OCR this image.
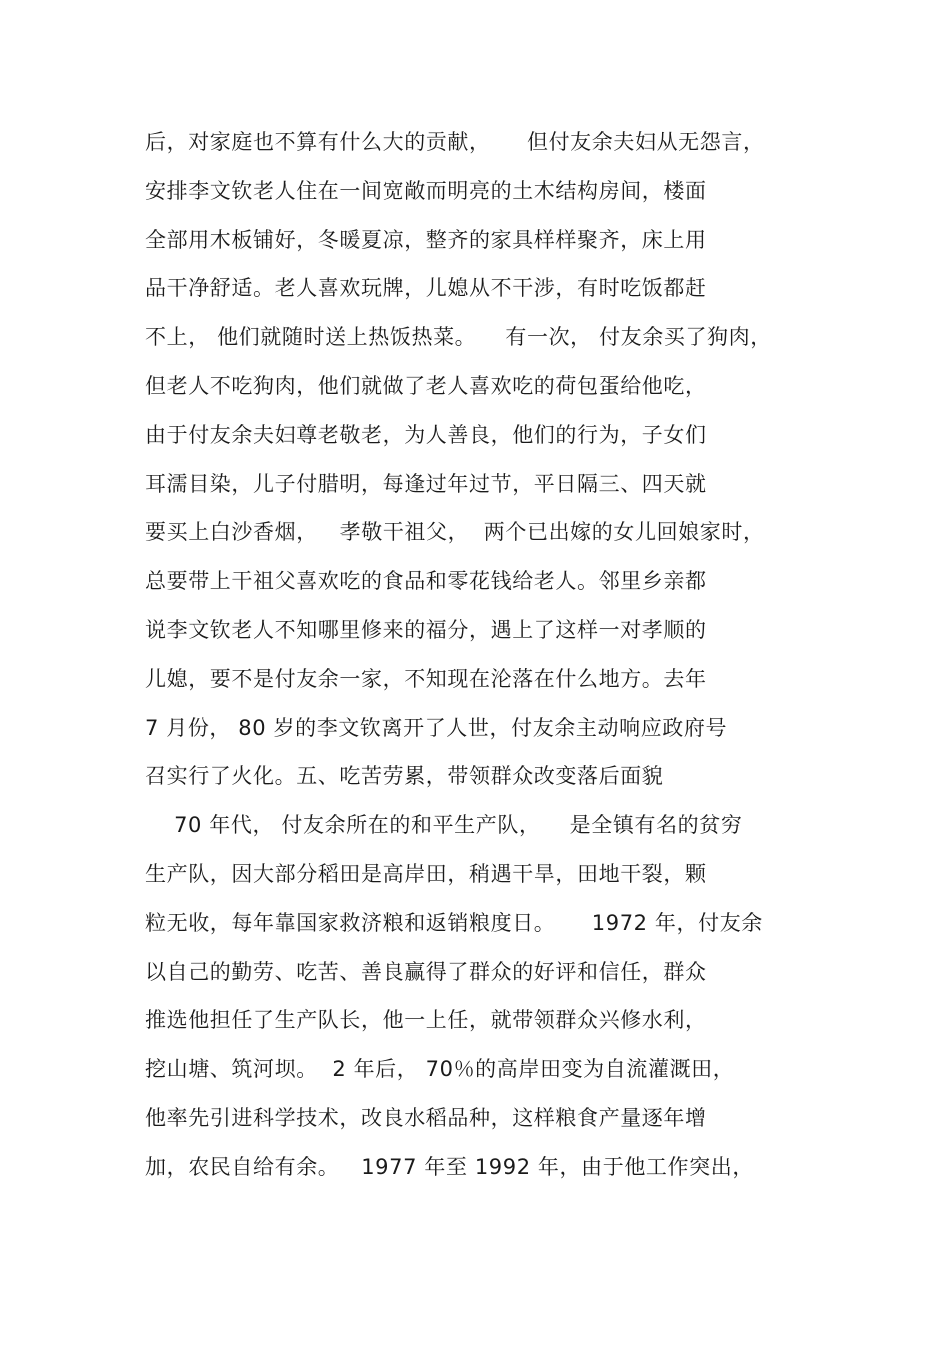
后，对家庭也不算有什么大的贡献，     但付友余夫妇从无怨言，
安排李文钦老人住在一间宽敞而明亮的土木结构房间，楼面
全部用木板铺好，冬暖夏凉，整齐的家具样样聚齐，床上用
品干净舒适。老人喜欢玩牌，儿媳从不干涉，有时吃饭都赶
不上， 他们就随时送上热饭热菜。    有一次， 付友余买了狗肉，
但老人不吃狗肉，他们就做了老人喜欢吃的荷包蛋给他吃，
由于付友余夫妇尊老敬老，为人善良，他们的行为，子女们
耳濡目染，儿子付腊明，每逢过年过节，平日隔三、四天就
要买上白沙香烟，   孝敬干祖父，  两个已出嫁的女儿回娘家时，
总要带上干祖父喜欢吃的食品和零花钱给老人。邻里乡亲都
说李文钦老人不知哪里修来的福分，遇上了这样一对孝顺的
儿媳，要不是付友余一家，不知现在沦落在什么地方。去年
7 月份， 80 岁的李文钦离开了人世，付友余主动响应政府号
召实行了火化。五、吃苦劳累，带领群众改变落后面貌
70 年代， 付友余所在的和平生产队，    是全镇有名的贫穷
生产队，因大部分稻田是高岸田，稍遇干旱，田地干裂，颗
粒无收，每年靠国家救济粮和返销粮度日。     1972 年，付友余
以自己的勤劳、吃苦、善良赢得了群众的好评和信任，群众
推选他担任了生产队长，他一上任，就带领群众兴修水利，
挖山塘、筑河坝。  2 年后， 70％的高岸田变为自流灌溉田，
他率先引进科学技术，改良水稻品种，这样粮食产量逐年增
加，农民自给有余。   1977 年至 1992 年，由于他工作突出，
